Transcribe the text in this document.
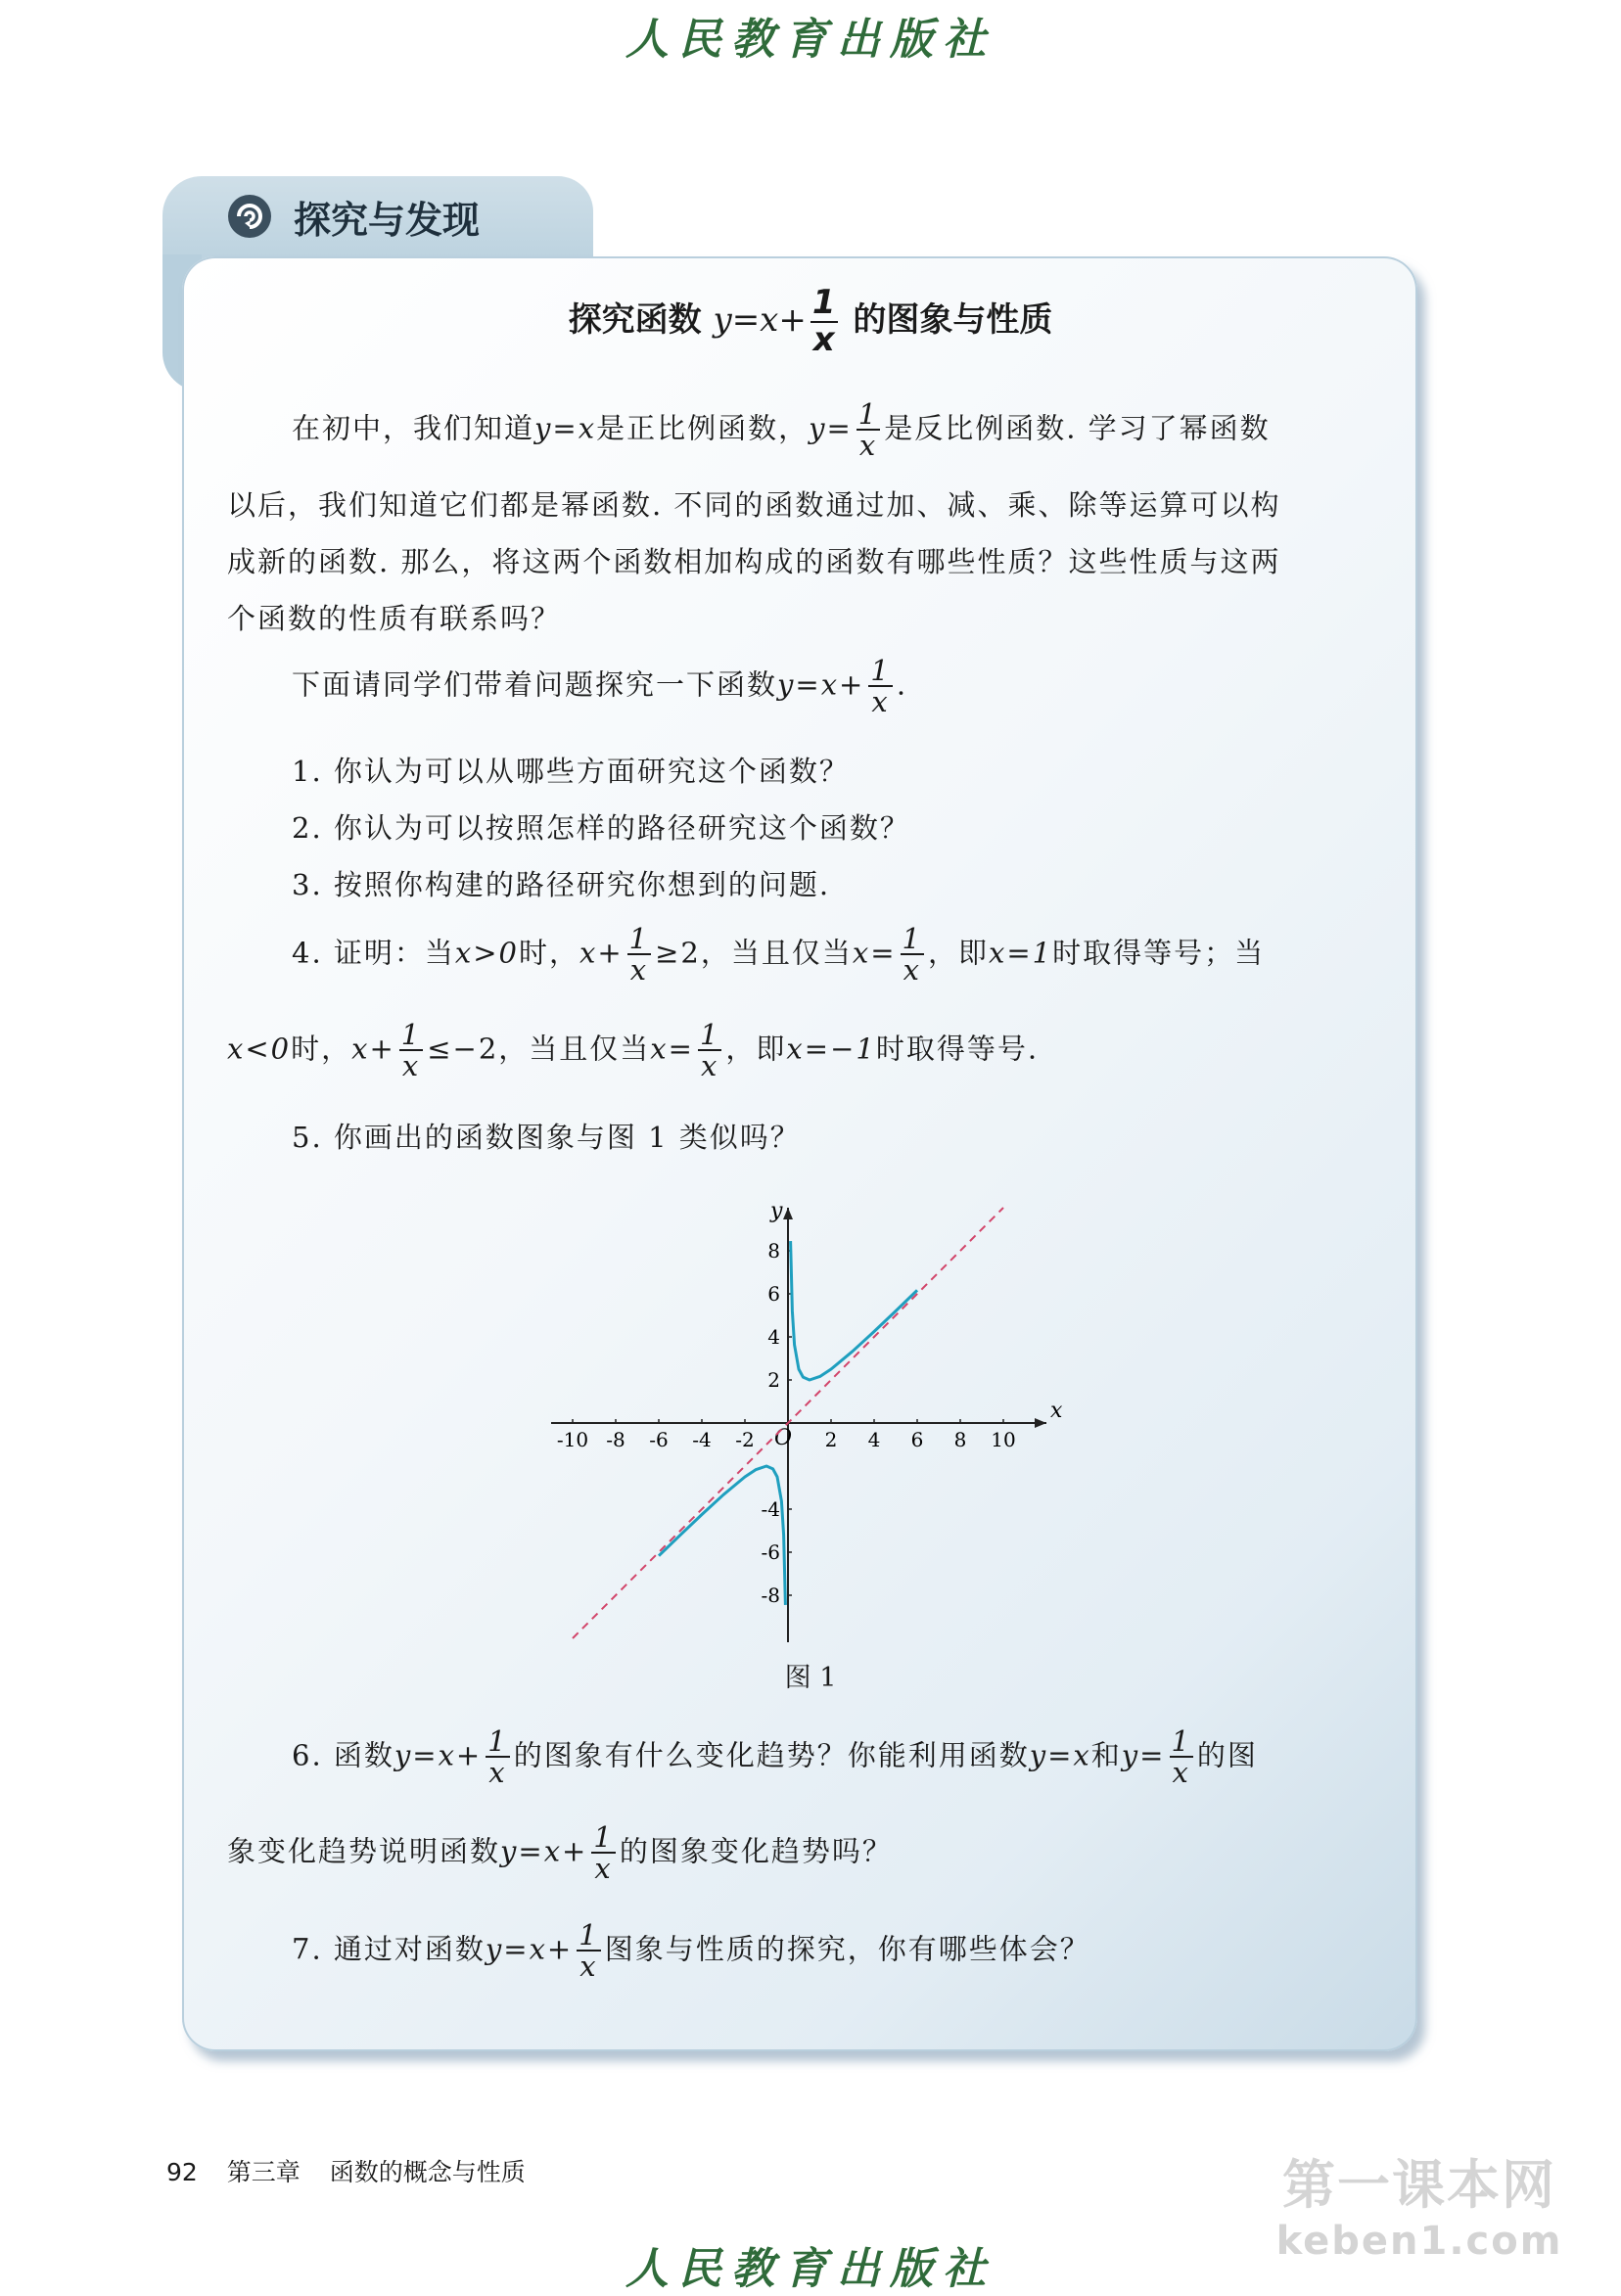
人民教育出版社
探究与发现
探究函数 $y=x+ \frac{1}{x}$ 的图象与性质
在初中，我们知道y=x是正比例函数，$y= \frac{1}{x}$ 是反比例函数. 学习了幂函数
以后，我们知道它们都是幂函数. 不同的函数通过加、减、乘、除等运算可以构
成新的函数. 那么，将这两个函数相加构成的函数有哪些性质？这些性质与这两
个函数的性质有联系吗？
下面请同学们带着问题探究一下函数$y=x+ \frac{1}{x}$ .
1. 你认为可以从哪些方面研究这个函数？
2. 你认为可以按照怎样的路径研究这个函数？
3. 按照你构建的路径研究你想到的问题.
4. 证明：当x>0时，$x+ \frac{1}{x} \ge 2$，当且仅当$x= \frac{1}{x}$ ，即x=1时取得等号；当
x<0时，$x+ \frac{1}{x} \le-2$，当且仅当$x= \frac{1}{x}$ ，即x=−1时取得等号.
5. 你画出的函数图象与图 1 类似吗？
x
y
O
-10 -8 -6 -4 -2	2 4 6 8 10
8
6
4
2
-4
-6
-8
图 1
6. 函数$y=x+ \frac{1}{x}$ 的图象有什么变化趋势？你能利用函数y=x和$y= \frac{1}{x}$ 的图
象变化趋势说明函数$y=x+ \frac{1}{x}$ 的图象变化趋势吗？
7. 通过对函数$y=x+ \frac{1}{x}$ 图象与性质的探究，你有哪些体会？
92 第三章 函数的概念与性质	第一课本网
keben1.com
人民教育出版社
